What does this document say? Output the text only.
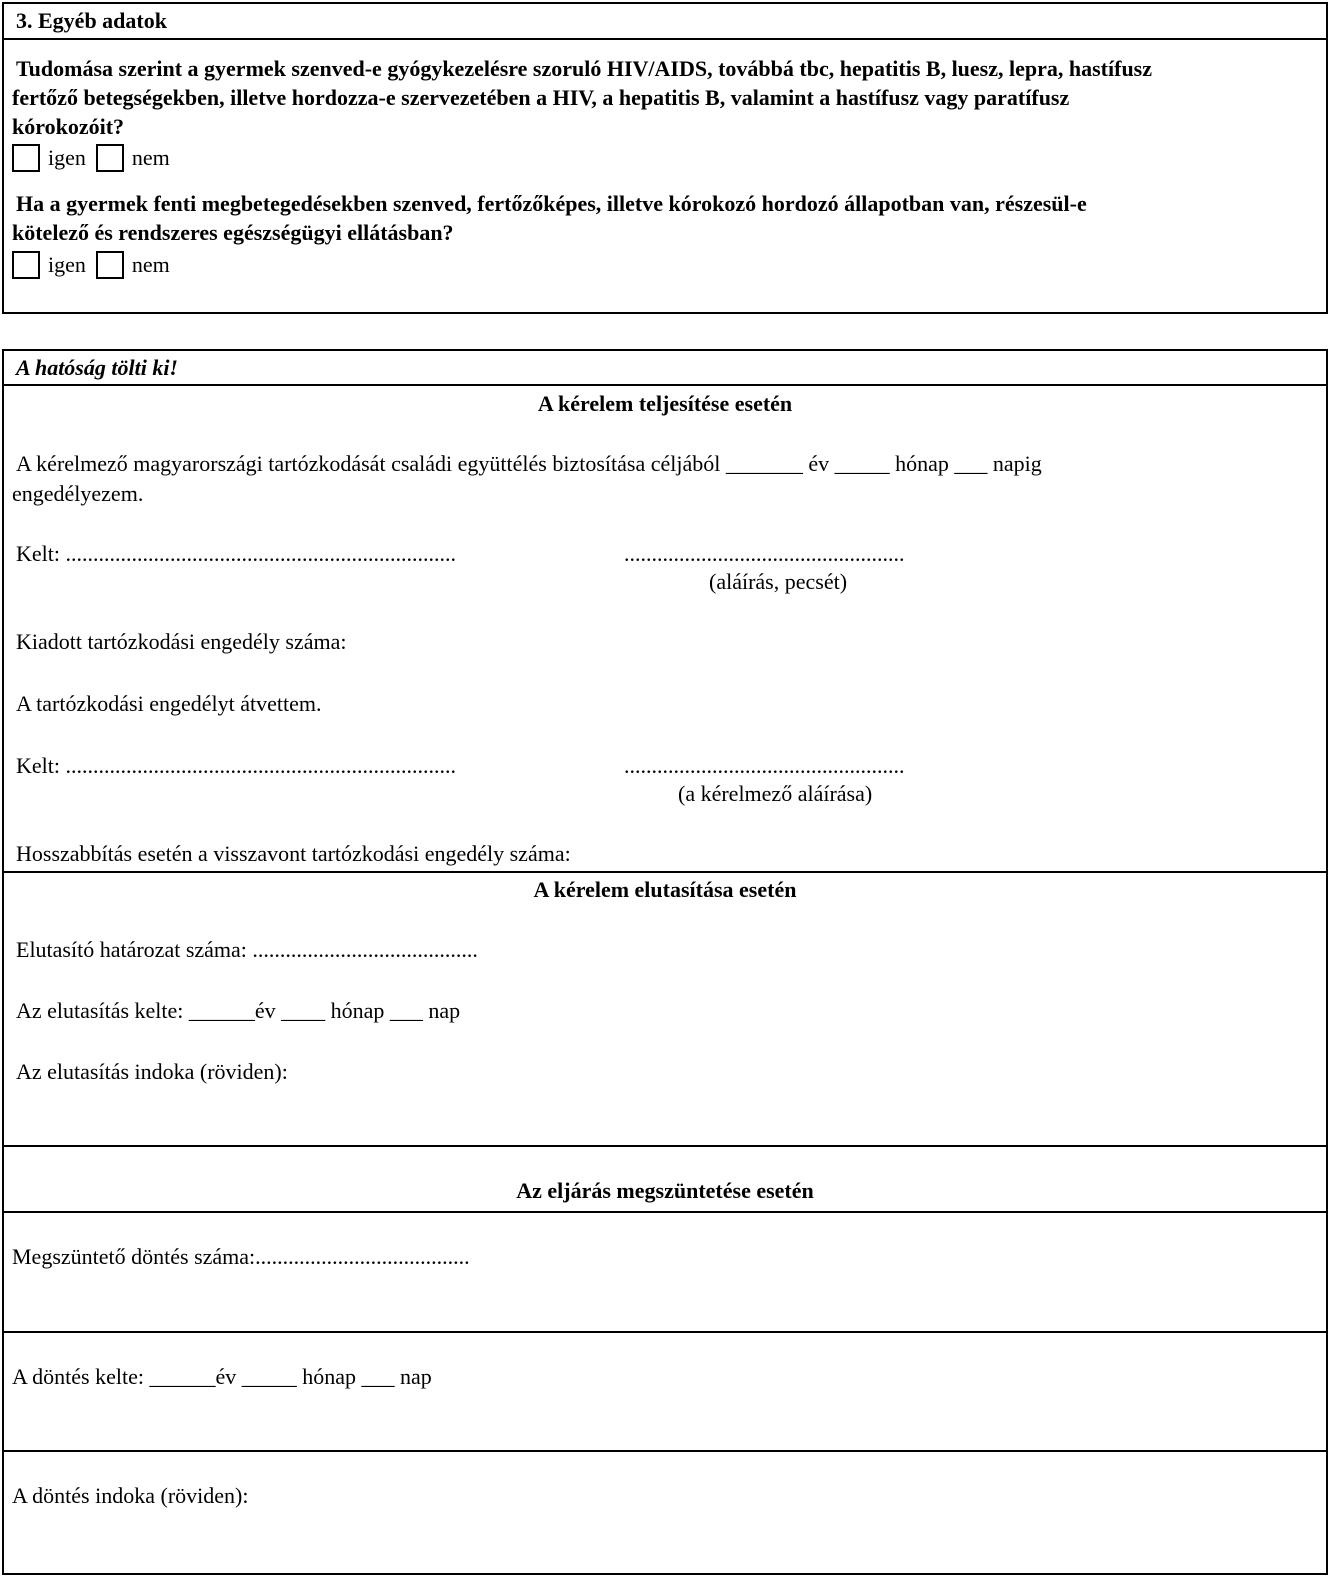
3. Egyéb adatok
Tudomása szerint a gyermek szenved-e gyógykezelésre szoruló HIV/AIDS, továbbá tbc, hepatitis B, luesz, lepra, hastífusz
fertőző betegségekben, illetve hordozza-e szervezetében a HIV, a hepatitis B, valamint a hastífusz vagy paratífusz
kórokozóit?
igen nem
Ha a gyermek fenti megbetegedésekben szenved, fertőzőképes, illetve kórokozó hordozó állapotban van, részesül-e
kötelező és rendszeres egészségügyi ellátásban?
igen nem
A hatóság tölti ki!
A kérelem teljesítése esetén
A kérelmező magyarországi tartózkodását családi együttélés biztosítása céljából _______ év _____ hónap ___ napig
engedélyezem.
Kelt: .......................................................................	...................................................
(aláírás, pecsét)
Kiadott tartózkodási engedély száma:
A tartózkodási engedélyt átvettem.
Kelt: .......................................................................	...................................................
(a kérelmező aláírása)
Hosszabbítás esetén a visszavont tartózkodási engedély száma:
A kérelem elutasítása esetén
Elutasító határozat száma: .........................................
Az elutasítás kelte: ______év ____ hónap ___ nap
Az elutasítás indoka (röviden):
Az eljárás megszüntetése esetén
Megszüntető döntés száma:.......................................
A döntés kelte: ______év _____ hónap ___ nap
A döntés indoka (röviden):
